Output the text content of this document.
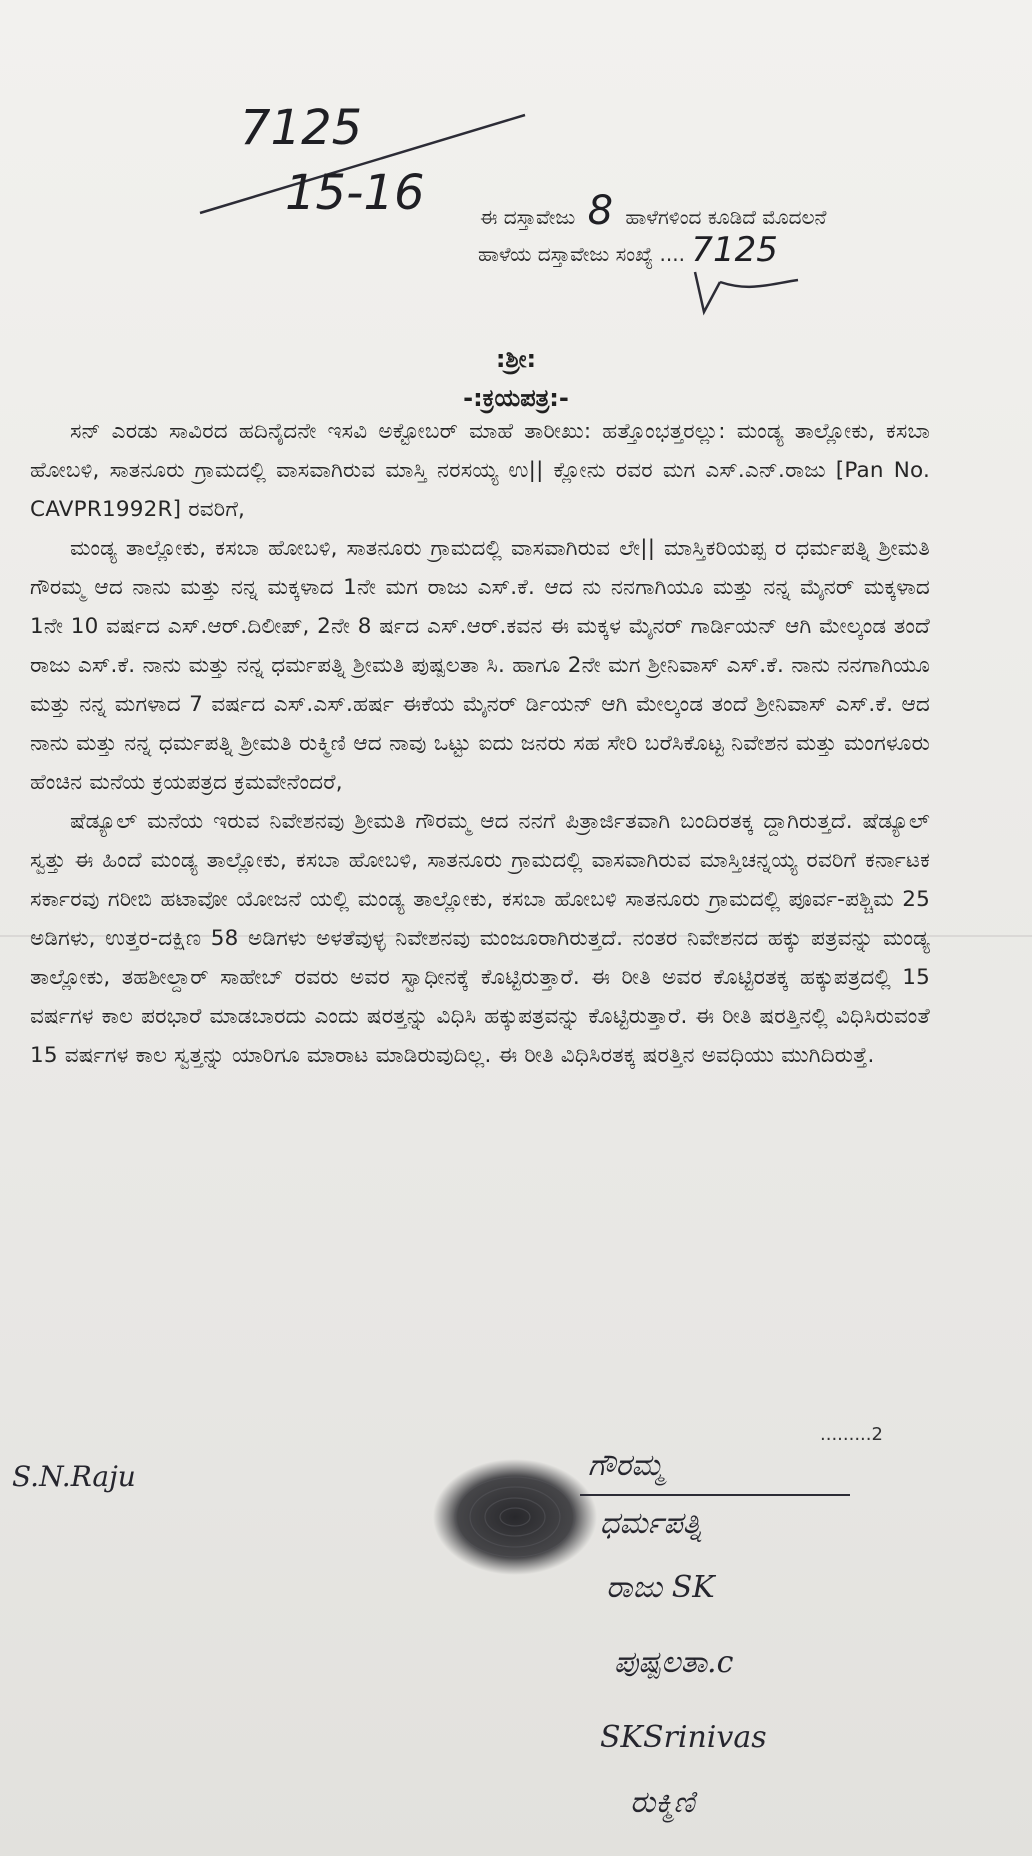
7125
15-16	ಈ ದಸ್ತಾವೇಜು 8 ಹಾಳೆಗಳಿಂದ ಕೂಡಿದೆ ಮೊದಲನೆ
ಹಾಳೆಯ ದಸ್ತಾವೇಜು ಸಂಖ್ಯೆ .... 7125
:ಶ್ರೀ:
-:ಕ್ರಯಪತ್ರ:-

ಸನ್ ಎರಡು ಸಾವಿರದ ಹದಿನೈದನೇ ಇಸವಿ ಅಕ್ಟೋಬರ್ ಮಾಹೆ ತಾರೀಖು: ಹತ್ತೊಂಭತ್ತರಲ್ಲು: ಮಂಡ್ಯ ತಾಲ್ಲೋಕು, ಕಸಬಾ ಹೋಬಳಿ, ಸಾತನೂರು ಗ್ರಾಮದಲ್ಲಿ ವಾಸವಾಗಿರುವ ಮಾಸ್ತಿ ನರಸಯ್ಯ ಉ|| ಕ್ಲೋನು ರವರ ಮಗ ಎಸ್.ಎನ್.ರಾಜು [Pan No. CAVPR1992R] ರವರಿಗೆ,

ಮಂಡ್ಯ ತಾಲ್ಲೋಕು, ಕಸಬಾ ಹೋಬಳಿ, ಸಾತನೂರು ಗ್ರಾಮದಲ್ಲಿ ವಾಸವಾಗಿರುವ ಲೇ|| ಮಾಸ್ತಿಕರಿಯಪ್ಪ ರ ಧರ್ಮಪತ್ನಿ ಶ್ರೀಮತಿ ಗೌರಮ್ಮ ಆದ ನಾನು ಮತ್ತು ನನ್ನ ಮಕ್ಕಳಾದ 1ನೇ ಮಗ ರಾಜು ಎಸ್.ಕೆ. ಆದ ನು ನನಗಾಗಿಯೂ ಮತ್ತು ನನ್ನ ಮೈನರ್ ಮಕ್ಕಳಾದ 1ನೇ 10 ವರ್ಷದ ಎಸ್.ಆರ್.ದಿಲೀಪ್, 2ನೇ 8 ರ್ಷದ ಎಸ್.ಆರ್.ಕವನ ಈ ಮಕ್ಕಳ ಮೈನರ್ ಗಾರ್ಡಿಯನ್ ಆಗಿ ಮೇಲ್ಕಂಡ ತಂದೆ ರಾಜು ಎಸ್.ಕೆ. ನಾನು ಮತ್ತು ನನ್ನ ಧರ್ಮಪತ್ನಿ ಶ್ರೀಮತಿ ಪುಷ್ಪಲತಾ ಸಿ. ಹಾಗೂ 2ನೇ ಮಗ ಶ್ರೀನಿವಾಸ್ ಎಸ್.ಕೆ. ನಾನು ನನಗಾಗಿಯೂ ಮತ್ತು ನನ್ನ ಮಗಳಾದ 7 ವರ್ಷದ ಎಸ್.ಎಸ್.ಹರ್ಷ ಈಕೆಯ ಮೈನರ್ ರ್ಡಿಯನ್ ಆಗಿ ಮೇಲ್ಕಂಡ ತಂದೆ ಶ್ರೀನಿವಾಸ್ ಎಸ್.ಕೆ. ಆದ ನಾನು ಮತ್ತು ನನ್ನ ಧರ್ಮಪತ್ನಿ ಶ್ರೀಮತಿ ರುಕ್ಮಿಣಿ ಆದ ನಾವು ಒಟ್ಟು ಐದು ಜನರು ಸಹ ಸೇರಿ ಬರೆಸಿಕೊಟ್ಟ ನಿವೇಶನ ಮತ್ತು ಮಂಗಳೂರು ಹೆಂಚಿನ ಮನೆಯ ಕ್ರಯಪತ್ರದ ಕ್ರಮವೇನೆಂದರೆ,

ಷೆಡ್ಯೂಲ್ ಮನೆಯ ಇರುವ ನಿವೇಶನವು ಶ್ರೀಮತಿ ಗೌರಮ್ಮ ಆದ ನನಗೆ ಪಿತ್ರಾರ್ಜಿತವಾಗಿ ಬಂದಿರತಕ್ಕ ದ್ದಾಗಿರುತ್ತದೆ. ಷೆಡ್ಯೂಲ್ ಸ್ವತ್ತು ಈ ಹಿಂದೆ ಮಂಡ್ಯ ತಾಲ್ಲೋಕು, ಕಸಬಾ ಹೋಬಳಿ, ಸಾತನೂರು ಗ್ರಾಮದಲ್ಲಿ ವಾಸವಾಗಿರುವ ಮಾಸ್ತಿಚನ್ನಯ್ಯ ರವರಿಗೆ ಕರ್ನಾಟಕ ಸರ್ಕಾರವು ಗರೀಬಿ ಹಟಾವೋ ಯೋಜನೆ ಯಲ್ಲಿ ಮಂಡ್ಯ ತಾಲ್ಲೋಕು, ಕಸಬಾ ಹೋಬಳಿ ಸಾತನೂರು ಗ್ರಾಮದಲ್ಲಿ ಪೂರ್ವ-ಪಶ್ಚಿಮ 25 ಅಡಿಗಳು, ಉತ್ತರ-ದಕ್ಷಿಣ 58 ಅಡಿಗಳು ಅಳತೆವುಳ್ಳ ನಿವೇಶನವು ಮಂಜೂರಾಗಿರುತ್ತದೆ. ನಂತರ ನಿವೇಶನದ ಹಕ್ಕು ಪತ್ರವನ್ನು ಮಂಡ್ಯ ತಾಲ್ಲೋಕು, ತಹಶೀಲ್ದಾರ್ ಸಾಹೇಬ್ ರವರು ಅವರ ಸ್ವಾಧೀನಕ್ಕೆ ಕೊಟ್ಟಿರುತ್ತಾರೆ. ಈ ರೀತಿ ಅವರ ಕೊಟ್ಟಿರತಕ್ಕ ಹಕ್ಕುಪತ್ರದಲ್ಲಿ 15 ವರ್ಷಗಳ ಕಾಲ ಪರಭಾರೆ ಮಾಡಬಾರದು ಎಂದು ಷರತ್ತನ್ನು ವಿಧಿಸಿ ಹಕ್ಕುಪತ್ರವನ್ನು ಕೊಟ್ಟಿರುತ್ತಾರೆ. ಈ ರೀತಿ ಷರತ್ತಿನಲ್ಲಿ ವಿಧಿಸಿರುವಂತೆ 15 ವರ್ಷಗಳ ಕಾಲ ಸ್ವತ್ತನ್ನು ಯಾರಿಗೂ ಮಾರಾಟ ಮಾಡಿರುವುದಿಲ್ಲ. ಈ ರೀತಿ ವಿಧಿಸಿರತಕ್ಕ ಷರತ್ತಿನ ಅವಧಿಯು ಮುಗಿದಿರುತ್ತೆ.

.........2
S.N.Raju	ಗೌರಮ್ಮ
ಧರ್ಮಪತ್ನಿ
ರಾಜು SK
ಪುಷ್ಪಲತಾ.c
SKSrinivas
ರುಕ್ಮಿಣಿ
